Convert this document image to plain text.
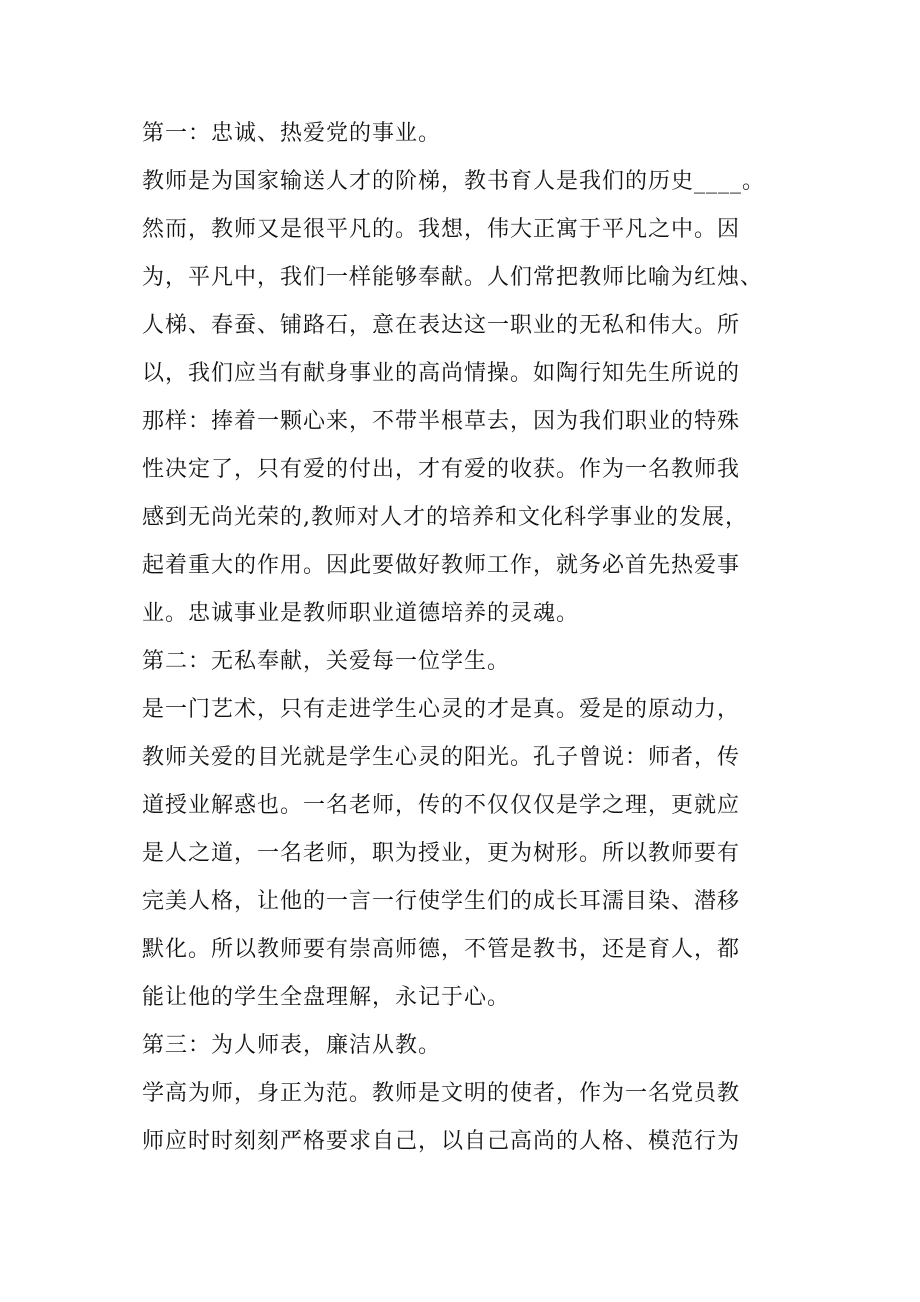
第一：忠诚、热爱党的事业。
教师是为国家输送人才的阶梯，教书育人是我们的历史____。
然而，教师又是很平凡的。我想，伟大正寓于平凡之中。因
为，平凡中，我们一样能够奉献。人们常把教师比喻为红烛、
人梯、春蚕、铺路石，意在表达这一职业的无私和伟大。所
以，我们应当有献身事业的高尚情操。如陶行知先生所说的
那样：捧着一颗心来，不带半根草去，因为我们职业的特殊
性决定了，只有爱的付出，才有爱的收获。作为一名教师我
感到无尚光荣的,教师对人才的培养和文化科学事业的发展，
起着重大的作用。因此要做好教师工作，就务必首先热爱事
业。忠诚事业是教师职业道德培养的灵魂。
第二：无私奉献，关爱每一位学生。
是一门艺术，只有走进学生心灵的才是真。爱是的原动力，
教师关爱的目光就是学生心灵的阳光。孔子曾说：师者，传
道授业解惑也。一名老师，传的不仅仅仅是学之理，更就应
是人之道，一名老师，职为授业，更为树形。所以教师要有
完美人格，让他的一言一行使学生们的成长耳濡目染、潜移
默化。所以教师要有崇高师德，不管是教书，还是育人，都
能让他的学生全盘理解，永记于心。
第三：为人师表，廉洁从教。
学高为师，身正为范。教师是文明的使者，作为一名党员教
师应时时刻刻严格要求自己，以自己高尚的人格、模范行为
